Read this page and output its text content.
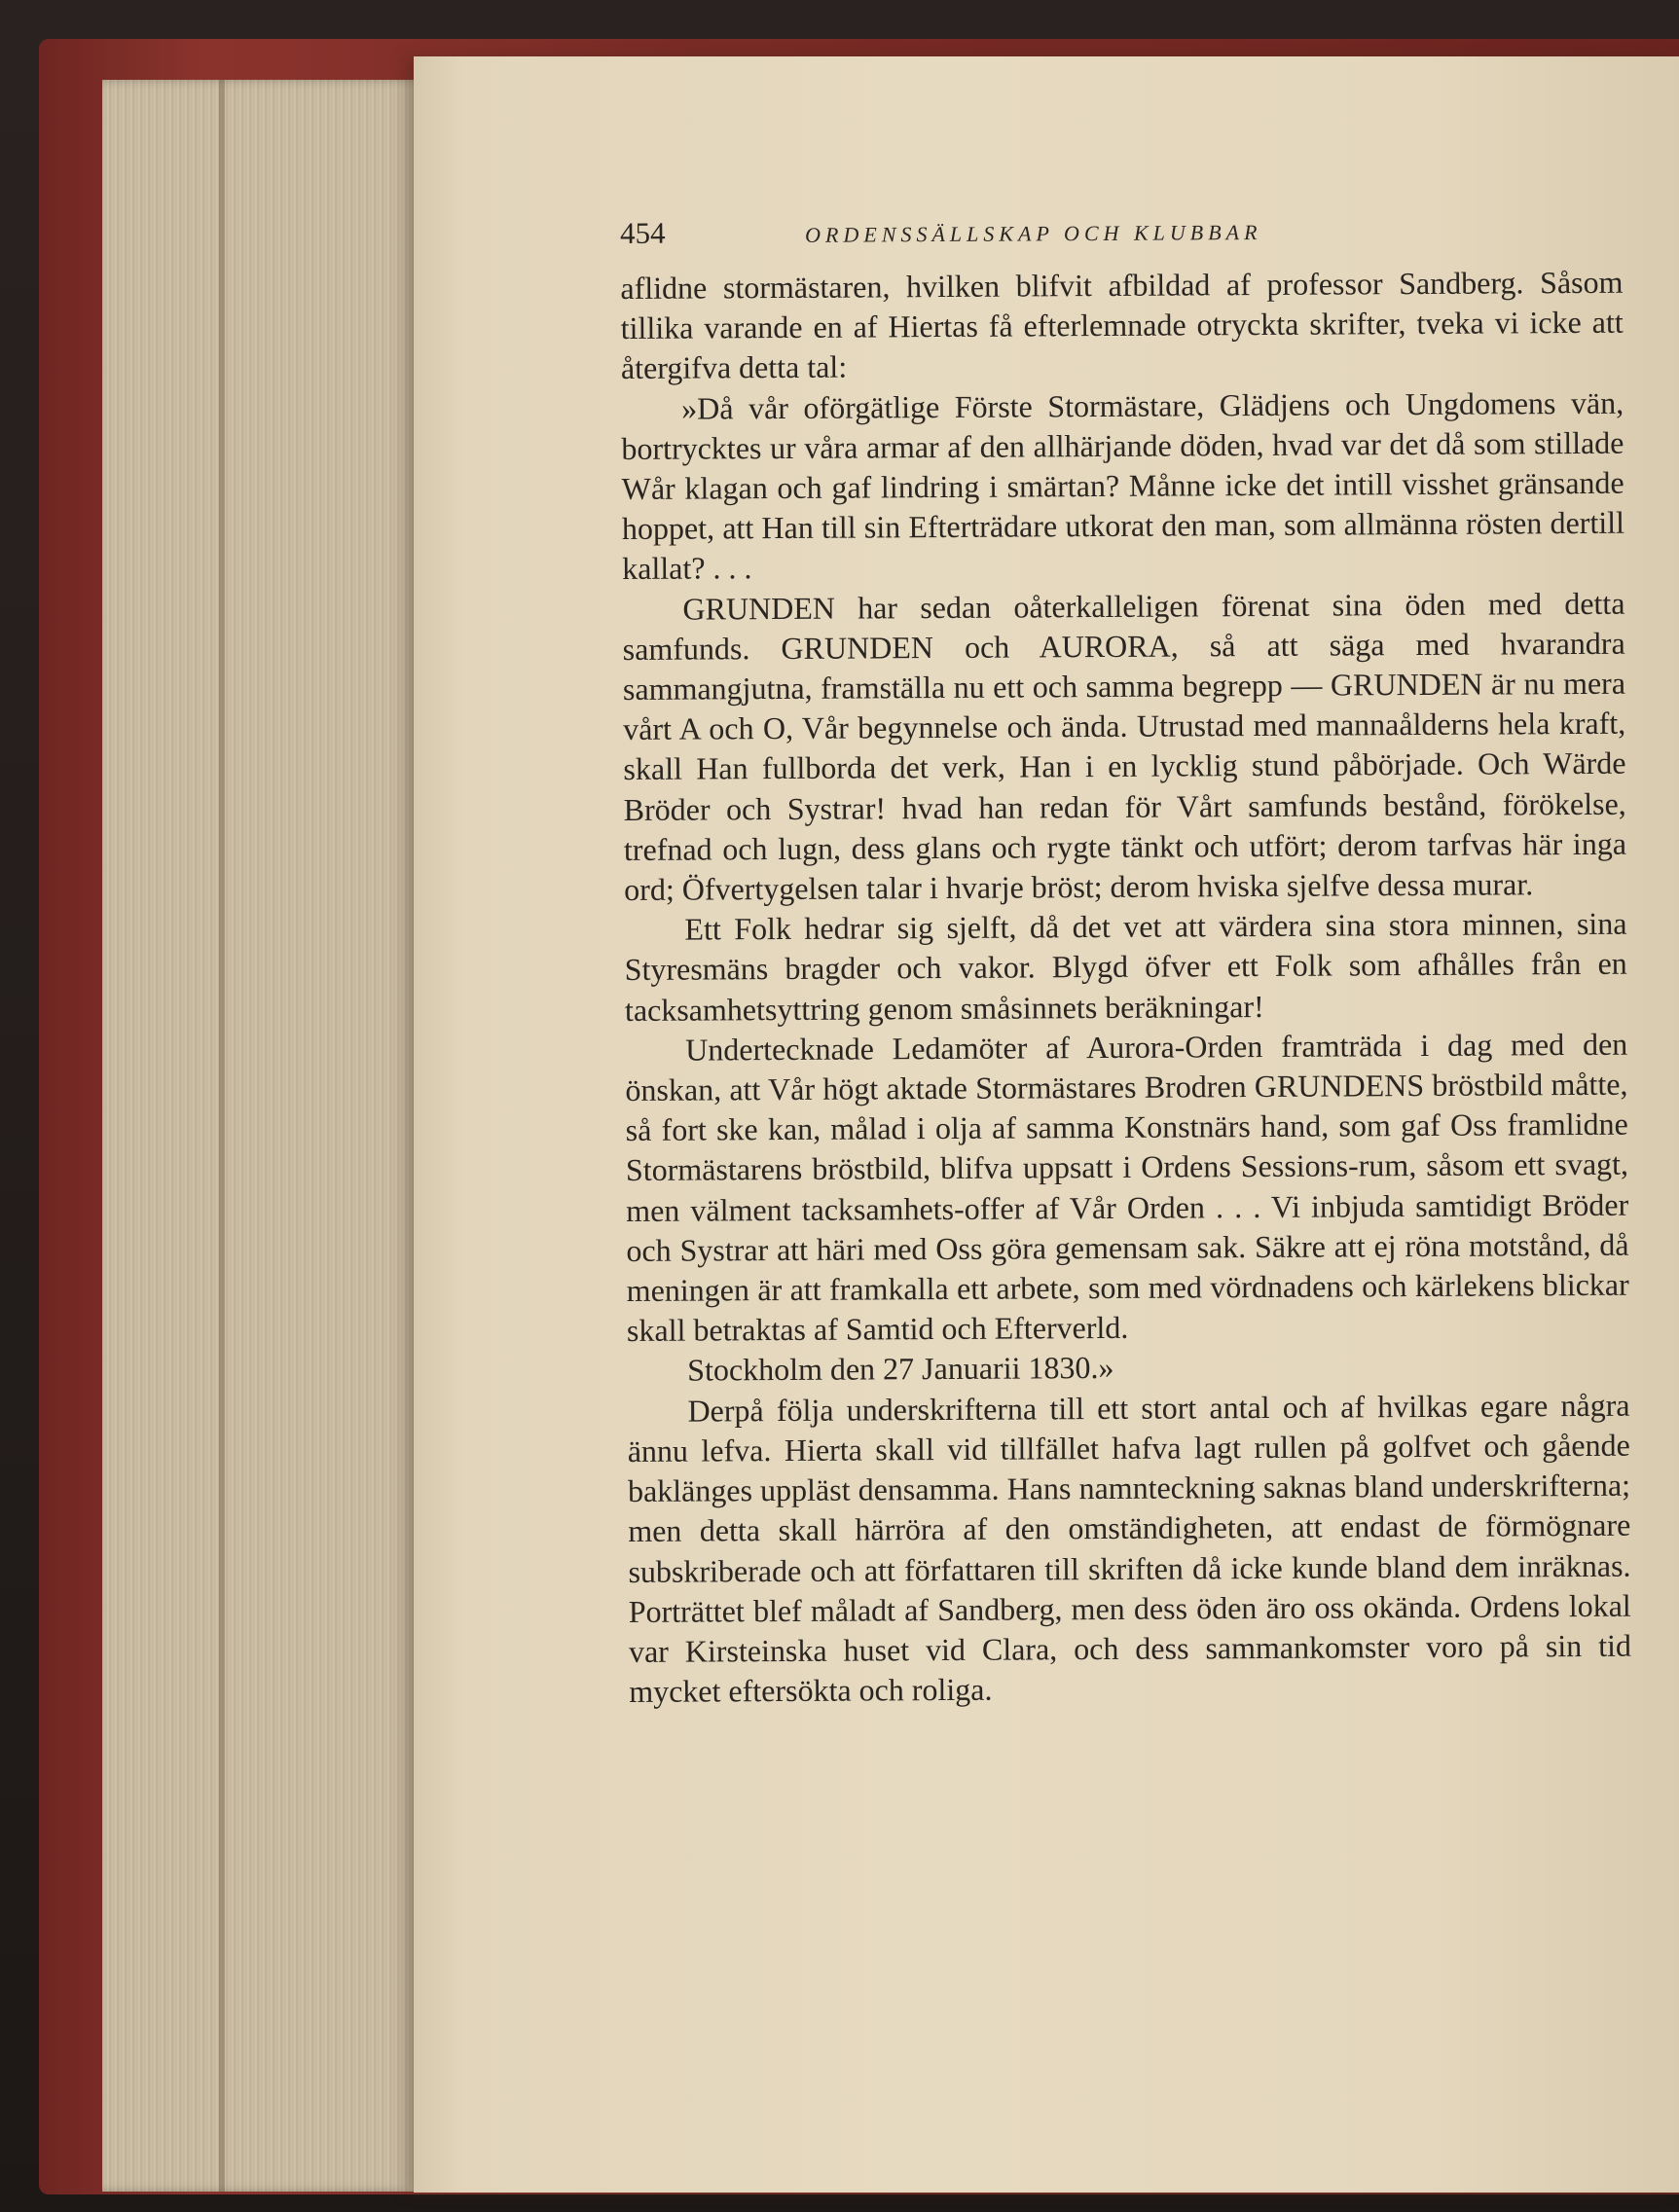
454	ORDENSSÄLLSKAP OCH KLUBBAR

aflidne stormästaren, hvilken blifvit afbildad af professor Sandberg. Såsom tillika varande en af Hiertas få efterlemnade otryckta skrifter, tveka vi icke att återgifva detta tal:

»Då vår oförgätlige Förste Stormästare, Glädjens och Ungdomens vän, bortrycktes ur våra armar af den allhärjande döden, hvad var det då som stillade Wår klagan och gaf lindring i smärtan? Månne icke det intill visshet gränsande hoppet, att Han till sin Efterträdare utkorat den man, som allmänna rösten dertill kallat? . . .

GRUNDEN har sedan oåterkalleligen förenat sina öden med detta samfunds. GRUNDEN och AURORA, så att säga med hvarandra sammangjutna, framställa nu ett och samma begrepp — GRUNDEN är nu mera vårt A och O, Vår begynnelse och ända. Utrustad med mannaålderns hela kraft, skall Han fullborda det verk, Han i en lycklig stund påbörjade. Och Wärde Bröder och Systrar! hvad han redan för Vårt samfunds bestånd, förökelse, trefnad och lugn, dess glans och rygte tänkt och utfört; derom tarfvas här inga ord; Öfvertygelsen talar i hvarje bröst; derom hviska sjelfve dessa murar.

Ett Folk hedrar sig sjelft, då det vet att värdera sina stora minnen, sina Styresmäns bragder och vakor. Blygd öfver ett Folk som afhålles från en tacksamhetsyttring genom småsinnets beräkningar!

Undertecknade Ledamöter af Aurora-Orden framträda i dag med den önskan, att Vår högt aktade Stormästares Brodren GRUNDENS bröstbild måtte, så fort ske kan, målad i olja af samma Konstnärs hand, som gaf Oss framlidne Stormästarens bröstbild, blifva uppsatt i Ordens Sessions-rum, såsom ett svagt, men välment tacksamhets-offer af Vår Orden . . . Vi inbjuda samtidigt Bröder och Systrar att häri med Oss göra gemensam sak. Säkre att ej röna motstånd, då meningen är att framkalla ett arbete, som med vördnadens och kärlekens blickar skall betraktas af Samtid och Efterverld.

Stockholm den 27 Januarii 1830.»

Derpå följa underskrifterna till ett stort antal och af hvilkas egare några ännu lefva. Hierta skall vid tillfället hafva lagt rullen på golfvet och gående baklänges uppläst densamma. Hans namnteckning saknas bland underskrifterna; men detta skall härröra af den omständigheten, att endast de förmögnare subskriberade och att författaren till skriften då icke kunde bland dem inräknas. Porträttet blef måladt af Sandberg, men dess öden äro oss okända. Ordens lokal var Kirsteinska huset vid Clara, och dess sammankomster voro på sin tid mycket eftersökta och roliga.
